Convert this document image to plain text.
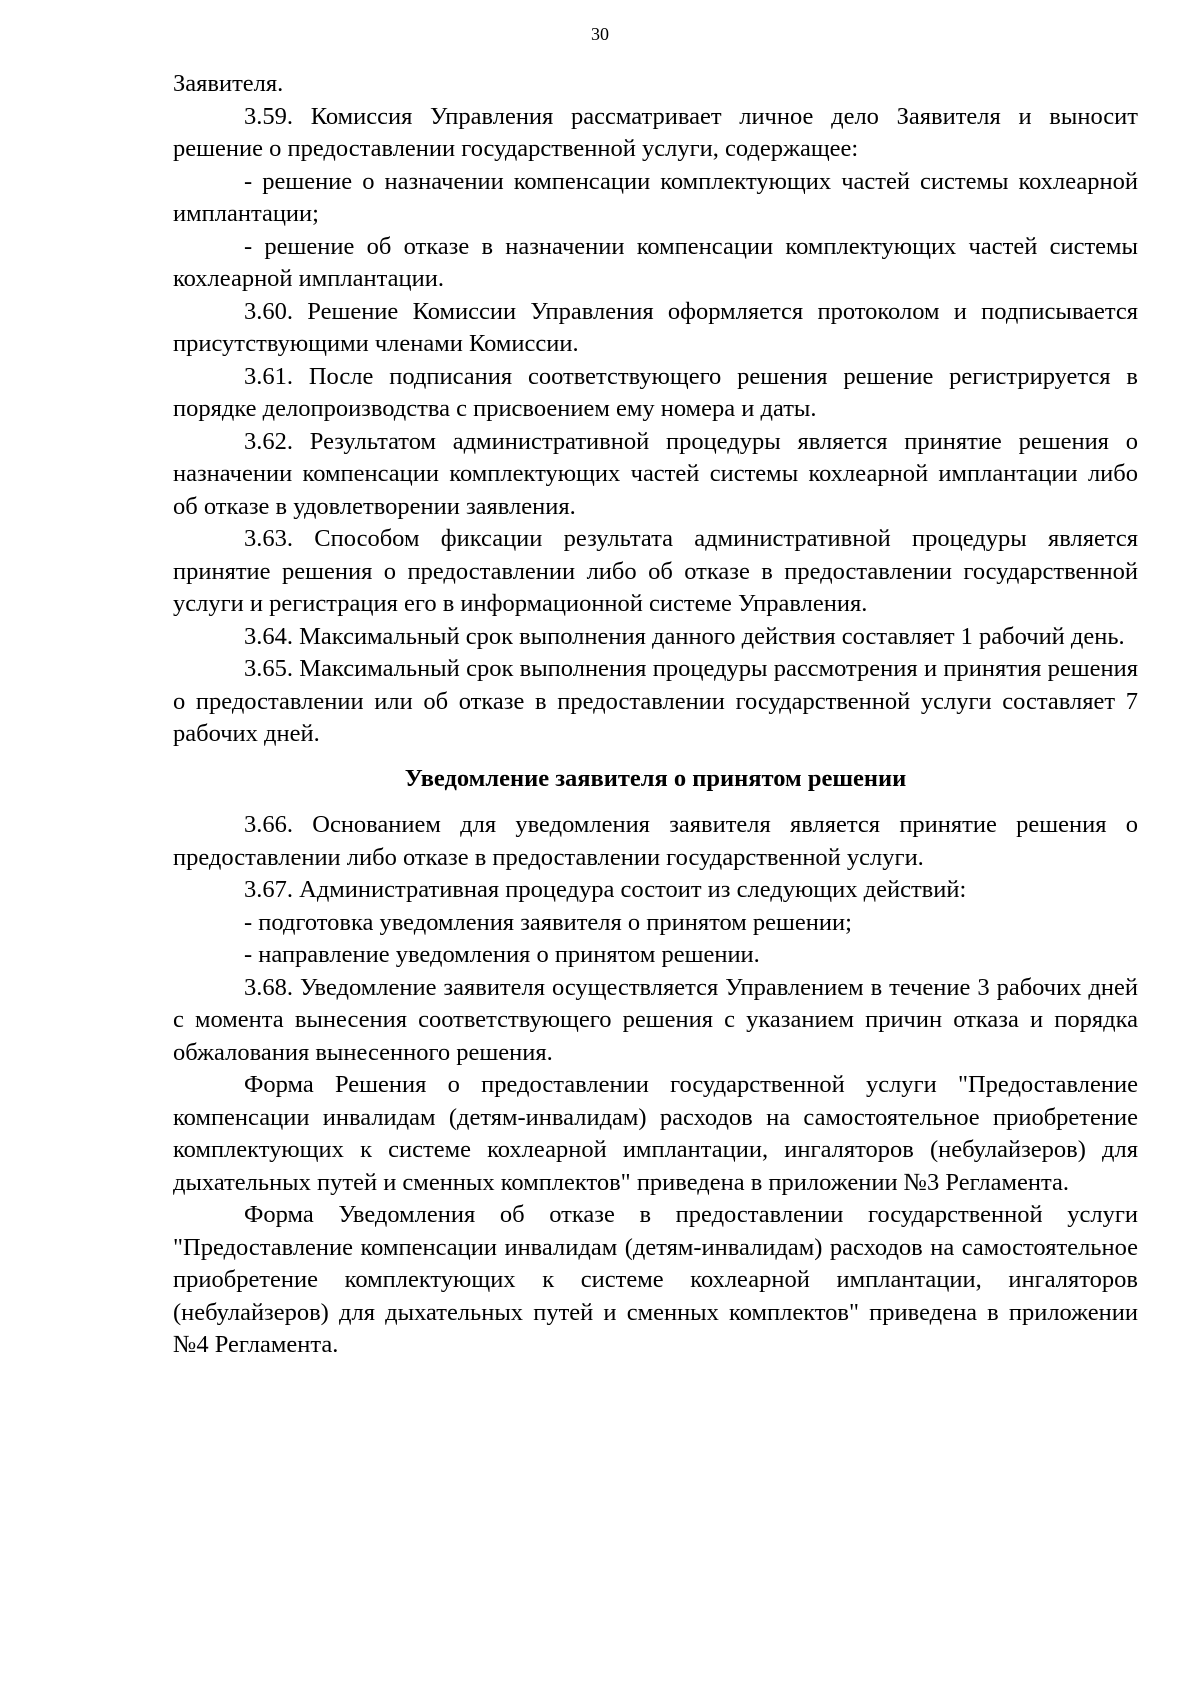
30

Заявителя.

3.59. Комиссия Управления рассматривает личное дело Заявителя и выносит решение о предоставлении государственной услуги, содержащее:

- решение о назначении компенсации комплектующих частей системы кохлеарной имплантации;

- решение об отказе в назначении компенсации комплектующих частей системы кохлеарной имплантации.

3.60. Решение Комиссии Управления оформляется протоколом и подписывается присутствующими членами Комиссии.

3.61. После подписания соответствующего решения решение регистрируется в порядке делопроизводства с присвоением ему номера и даты.

3.62. Результатом административной процедуры является принятие решения о назначении компенсации комплектующих частей системы кохлеарной имплантации либо об отказе в удовлетворении заявления.

3.63. Способом фиксации результата административной процедуры является принятие решения о предоставлении либо об отказе в предоставлении государственной услуги и регистрация его в информационной системе Управления.

3.64. Максимальный срок выполнения данного действия составляет 1 рабочий день.

3.65. Максимальный срок выполнения процедуры рассмотрения и принятия решения о предоставлении или об отказе в предоставлении государственной услуги составляет 7 рабочих дней.

Уведомление заявителя о принятом решении

3.66. Основанием для уведомления заявителя является принятие решения о предоставлении либо отказе в предоставлении государственной услуги.

3.67. Административная процедура состоит из следующих действий:

- подготовка уведомления заявителя о принятом решении;

- направление уведомления о принятом решении.

3.68. Уведомление заявителя осуществляется Управлением в течение 3 рабочих дней с момента вынесения соответствующего решения с указанием причин отказа и порядка обжалования вынесенного решения.

Форма Решения о предоставлении государственной услуги "Предоставление компенсации инвалидам (детям-инвалидам) расходов на самостоятельное приобретение комплектующих к системе кохлеарной имплантации, ингаляторов (небулайзеров) для дыхательных путей и сменных комплектов" приведена в приложении №3 Регламента.

Форма Уведомления об отказе в предоставлении государственной услуги "Предоставление компенсации инвалидам (детям-инвалидам) расходов на самостоятельное приобретение комплектующих к системе кохлеарной имплантации, ингаляторов (небулайзеров) для дыхательных путей и сменных комплектов" приведена в приложении №4 Регламента.
